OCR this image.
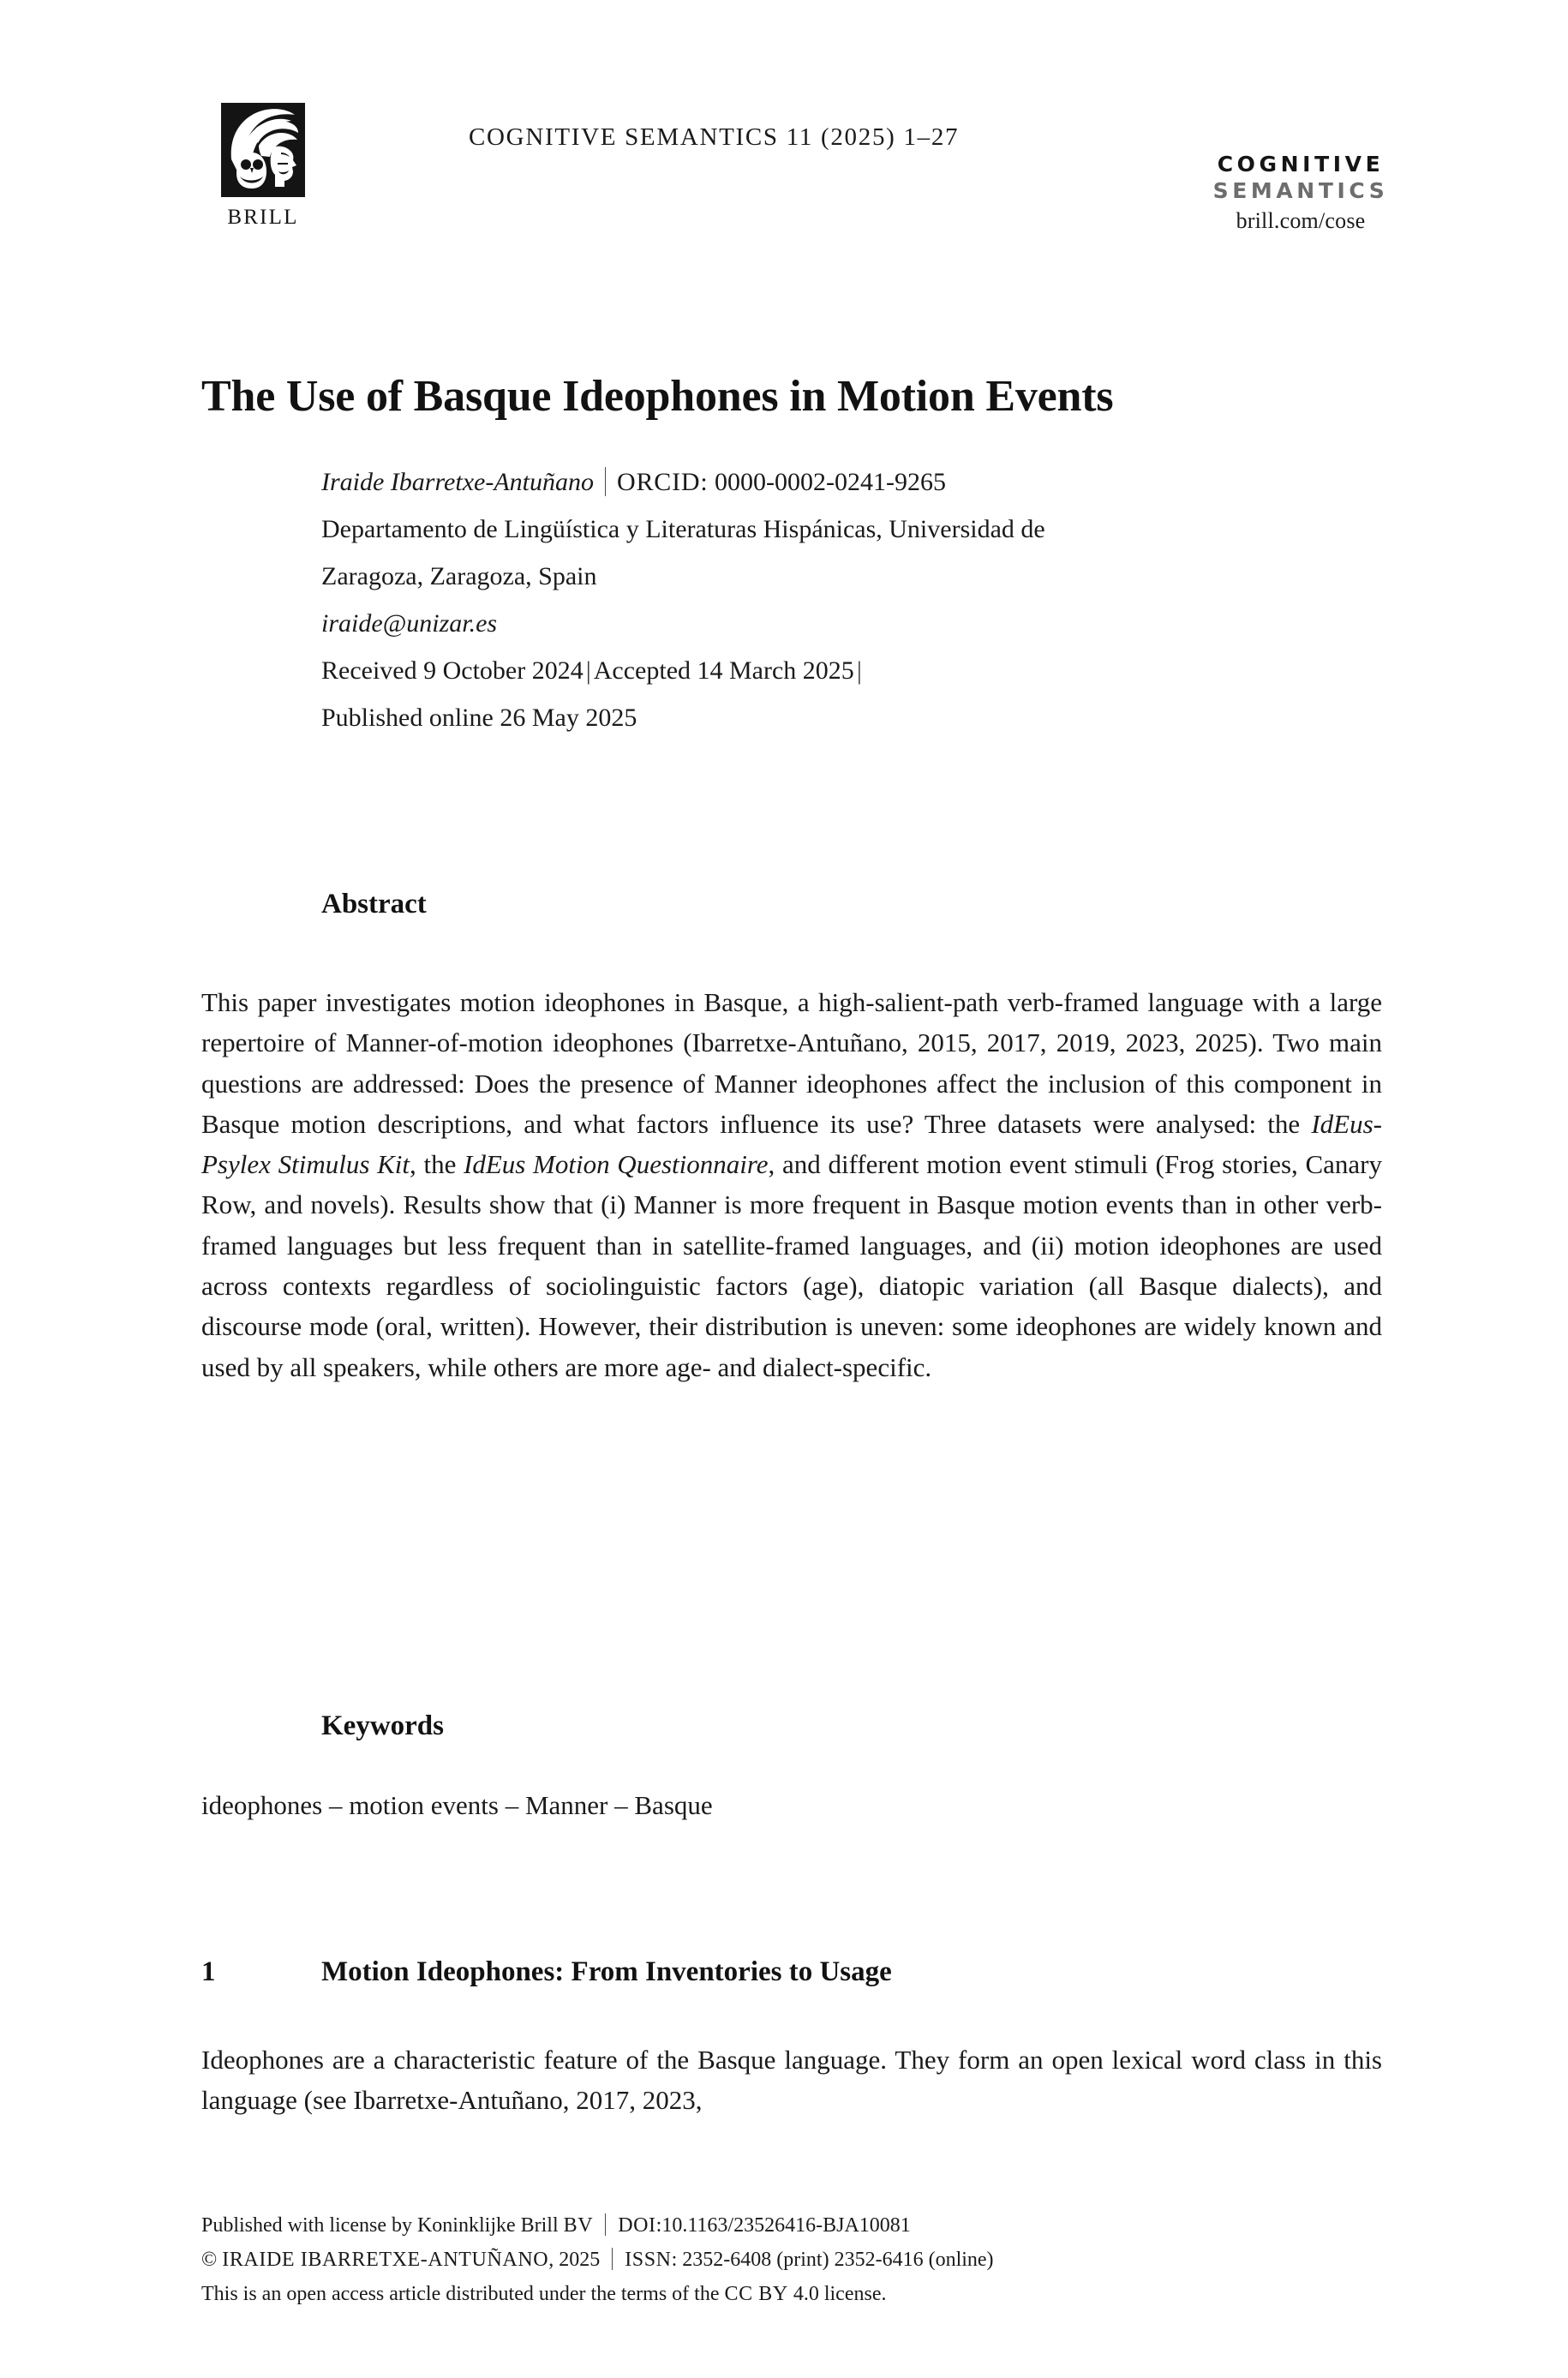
BRILL
COGNITIVE SEMANTICS 11 (2025) 1–27
COGNITIVE
SEMANTICS
brill.com/cose
The Use of Basque Ideophones in Motion Events
Iraide Ibarretxe-Antuñano ORCID: 0000-0002-0241-9265
Departamento de Lingüística y Literaturas Hispánicas, Universidad de
Zaragoza, Zaragoza, Spain
iraide@unizar.es
Received 9 October 2024 | Accepted 14 March 2025 |
Published online 26 May 2025
Abstract
This paper investigates motion ideophones in Basque, a high-salient-path verb-framed language with a large repertoire of Manner-of-motion ideophones (Ibarretxe-Antuñano, 2015, 2017, 2019, 2023, 2025). Two main questions are addressed: Does the presence of Manner ideophones affect the inclusion of this component in Basque motion descriptions, and what factors influence its use? Three datasets were analysed: the IdEus-Psylex Stimulus Kit, the IdEus Motion Questionnaire, and different motion event stimuli (Frog stories, Canary Row, and novels). Results show that (i) Manner is more frequent in Basque motion events than in other verb-framed languages but less frequent than in satellite-framed languages, and (ii) motion ideophones are used across contexts regardless of sociolinguistic factors (age), diatopic variation (all Basque dialects), and discourse mode (oral, written). However, their distribution is uneven: some ideophones are widely known and used by all speakers, while others are more age- and dialect-specific.
Keywords
ideophones – motion events – Manner – Basque
1	Motion Ideophones: From Inventories to Usage
Ideophones are a characteristic feature of the Basque language. They form an open lexical word class in this language (see Ibarretxe-Antuñano, 2017, 2023,
Published with license by Koninklijke Brill BV DOI:10.1163/23526416-BJA10081
© IRAIDE IBARRETXE-ANTUÑANO, 2025 ISSN: 2352-6408 (print) 2352-6416 (online)
This is an open access article distributed under the terms of the CC BY 4.0 license.
